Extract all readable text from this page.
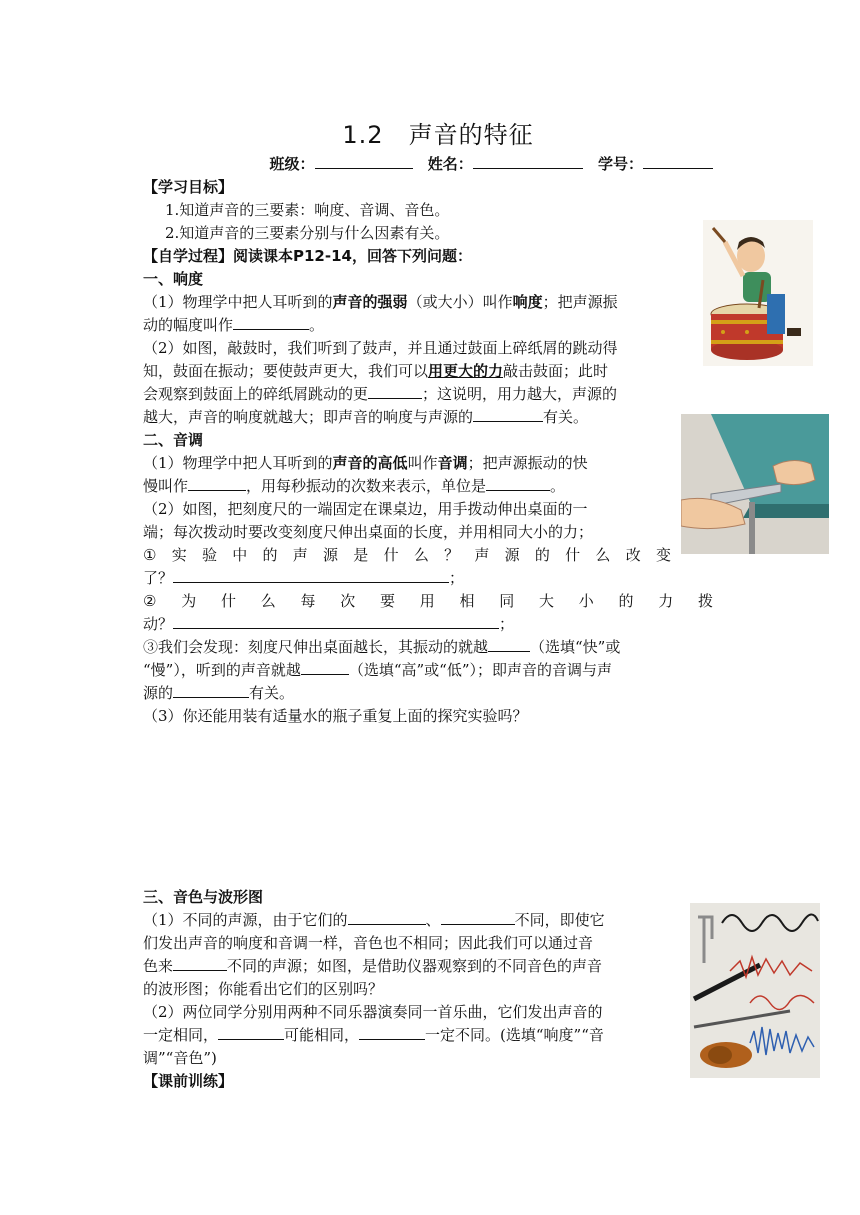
1.2　声音的特征
班级：	姓名：	学号：
【学习目标】
1.知道声音的三要素：响度、音调、音色。
2.知道声音的三要素分别与什么因素有关。
【自学过程】阅读课本P12-14，回答下列问题：
一、响度
（1）物理学中把人耳听到的声音的强弱（或大小）叫作响度；把声源振
动的幅度叫作	。
（2）如图，敲鼓时，我们听到了鼓声，并且通过鼓面上碎纸屑的跳动得
知，鼓面在振动；要使鼓声更大，我们可以用更大的力敲击鼓面；此时
会观察到鼓面上的碎纸屑跳动的更	；这说明，用力越大，声源的
越大，声音的响度就越大；即声音的响度与声源的	有关。
二、音调
（1）物理学中把人耳听到的声音的高低叫作音调；把声源振动的快
慢叫作	，用每秒振动的次数来表示，单位是	。
（2）如图，把刻度尺的一端固定在课桌边，用手拨动伸出桌面的一
端；每次拨动时要改变刻度尺伸出桌面的长度，并用相同大小的力；
① 实 验 中 的 声 源 是 什 么 ？ 声 源 的 什 么 改 变
了？	；
② 为 什 么 每 次 要 用 相 同 大 小 的 力 拨
动？	；
③我们会发现：刻度尺伸出桌面越长，其振动的就越	（选填“快”或
“慢”），听到的声音就越	（选填“高”或“低”）；即声音的音调与声
源的	有关。
（3）你还能用装有适量水的瓶子重复上面的探究实验吗？
三、音色与波形图
（1）不同的声源，由于它们的	、	不同，即使它
们发出声音的响度和音调一样，音色也不相同；因此我们可以通过音
色来	不同的声源；如图，是借助仪器观察到的不同音色的声音
的波形图；你能看出它们的区别吗？
（2）两位同学分别用两种不同乐器演奏同一首乐曲，它们发出声音的
一定相同，	可能相同，	一定不同。(选填“响度”“音
调”“音色”)
【课前训练】
